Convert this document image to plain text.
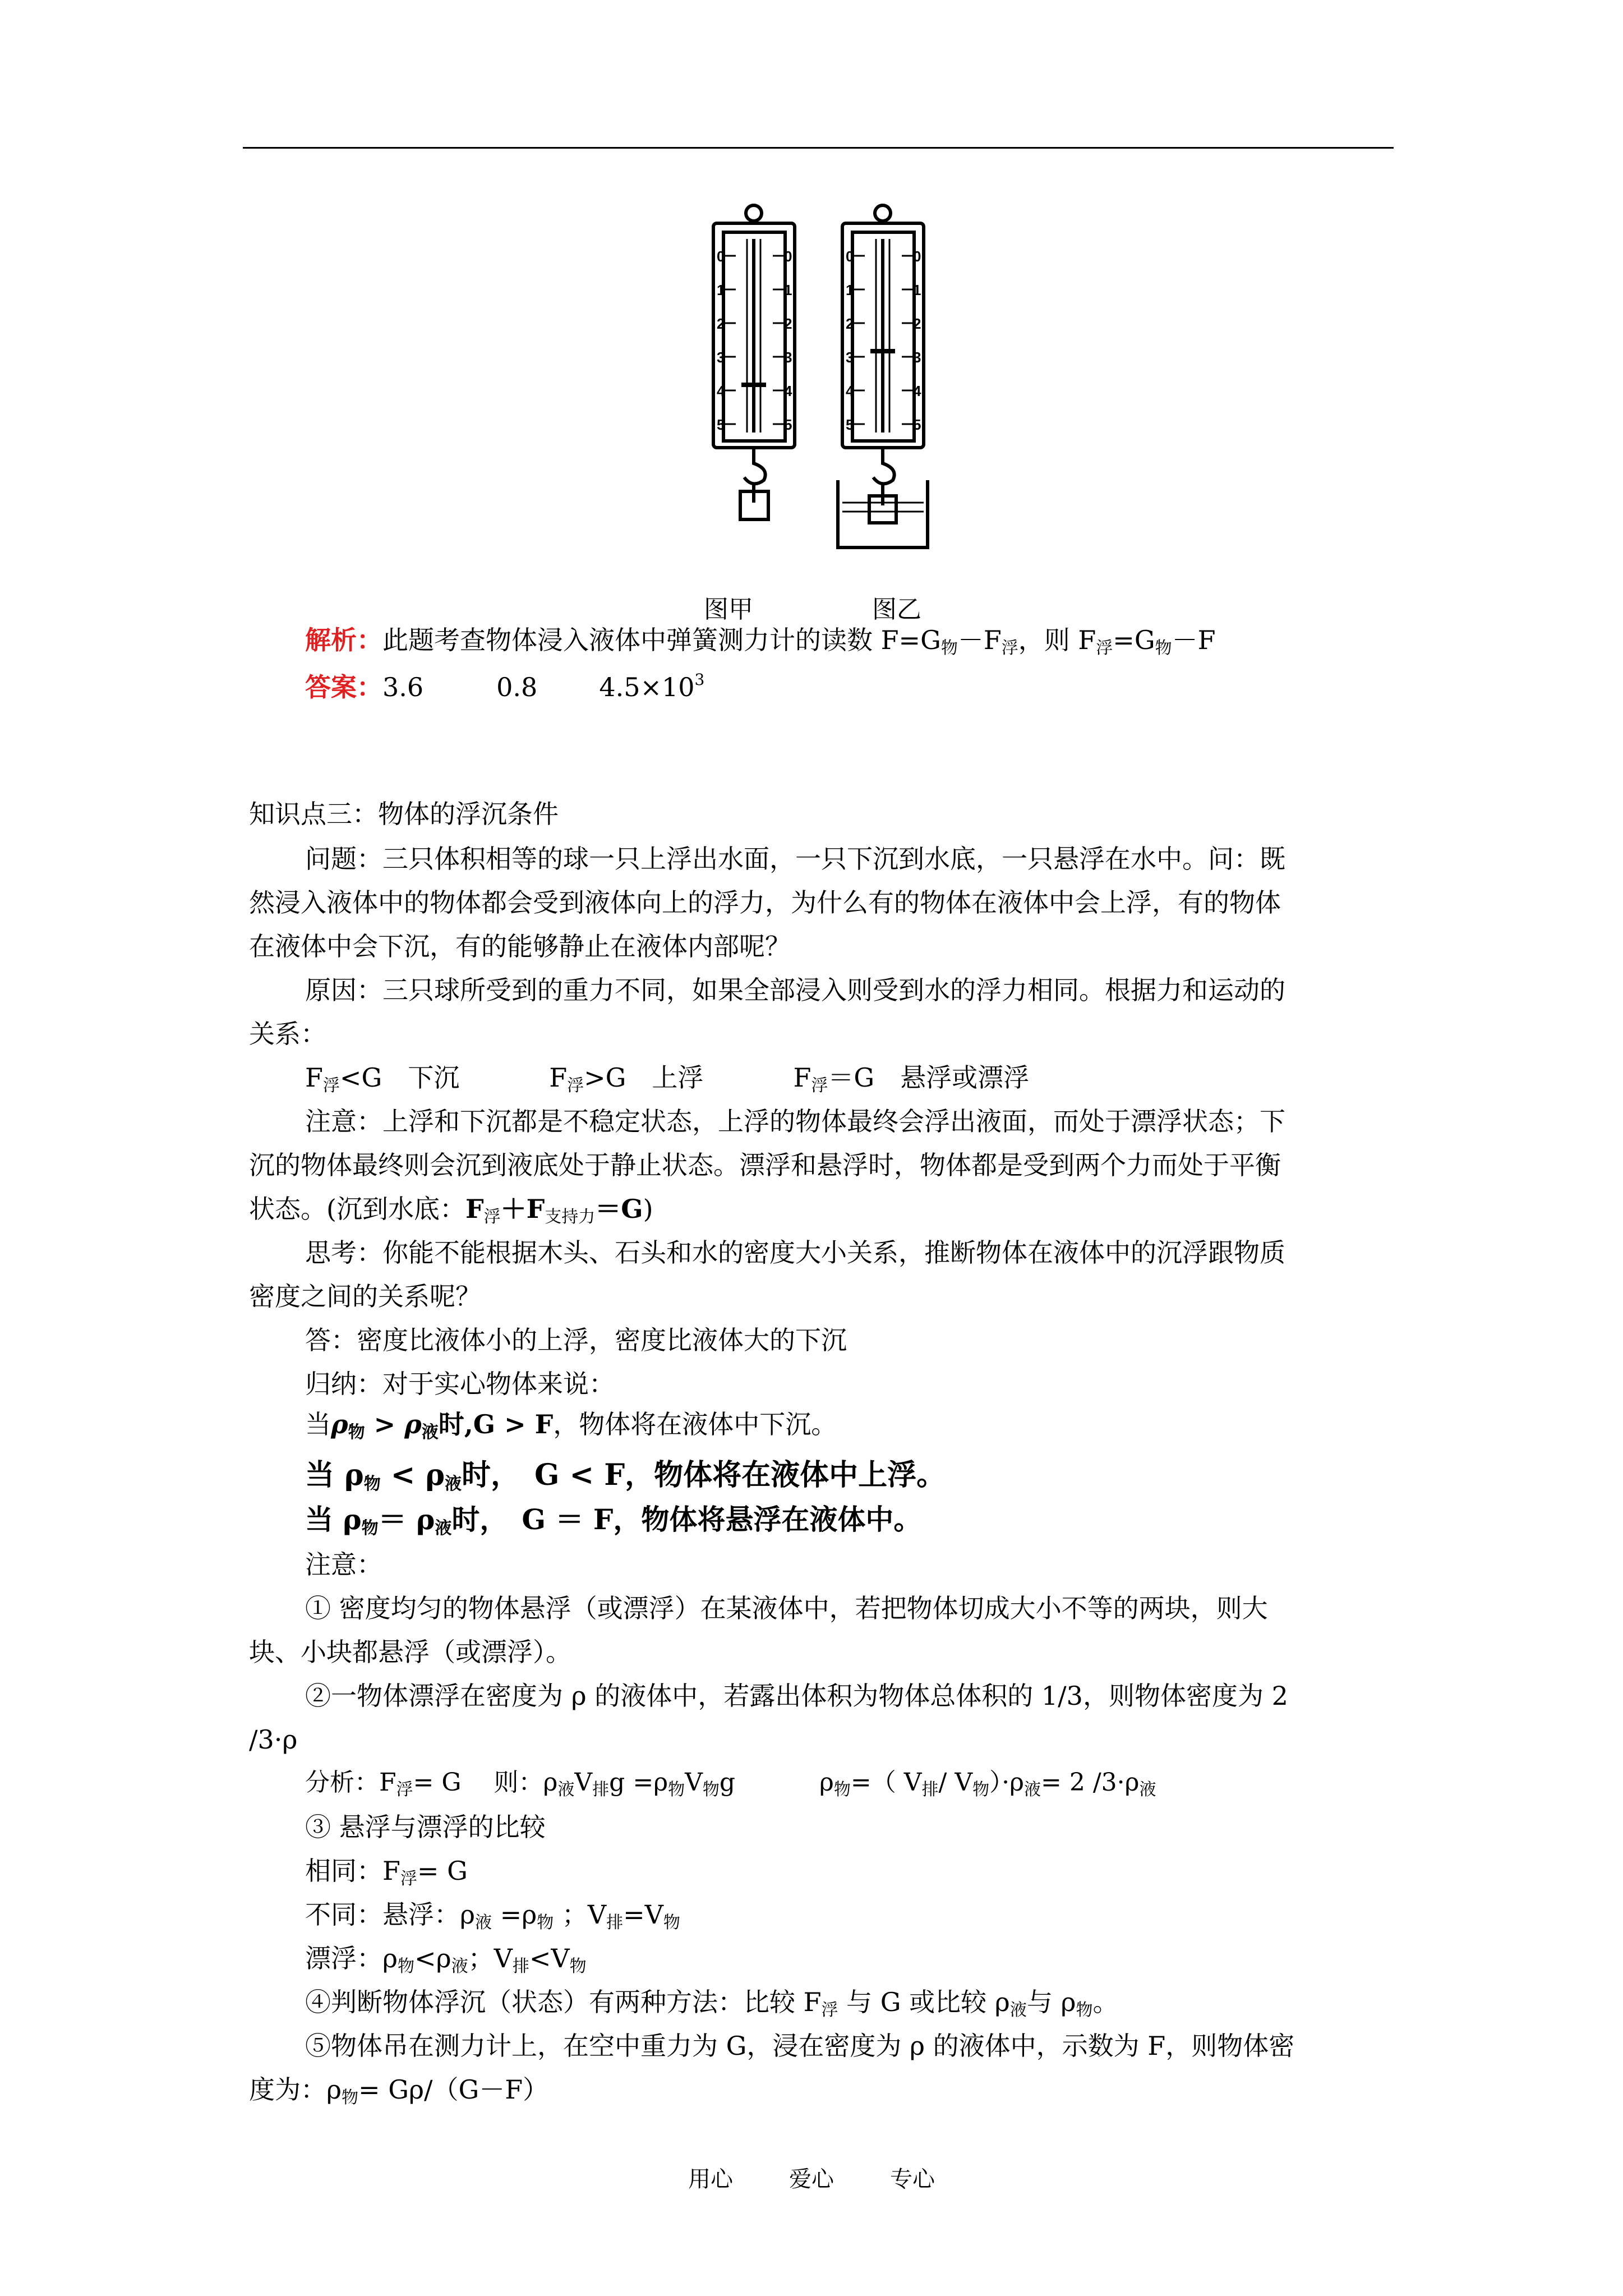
0
1
2
3
4
5
0
1
2
3
4
5
0
1
2
3
4
5
0
1
2
3
4
5
图甲	图乙
解析：此题考查物体浸入液体中弹簧测力计的读数 $F=G_物-F_浮$，则 $F_浮=G_物-F$
答案：3.6	0.8 $4.5\times 10^3$
知识点三：物体的浮沉条件
问题：三只体积相等的球一只上浮出水面，一只下沉到水底，一只悬浮在水中。问：既
然浸入液体中的物体都会受到液体向上的浮力，为什么有的物体在液体中会上浮，有的物体
在液体中会下沉，有的能够静止在液体内部呢？
原因：三只球所受到的重力不同，如果全部浸入则受到水的浮力相同。根据力和运动的
关系：
$F_浮<G$　下沉	$F_浮>G$　上浮	$F_浮=G$　悬浮或漂浮
注意：上浮和下沉都是不稳定状态，上浮的物体最终会浮出液面，而处于漂浮状态；下
沉的物体最终则会沉到液底处于静止状态。漂浮和悬浮时，物体都是受到两个力而处于平衡
状态。(沉到水底：$F_浮+F_{支持力}=G$)
思考：你能不能根据木头、石头和水的密度大小关系，推断物体在液体中的沉浮跟物质
密度之间的关系呢？
答：密度比液体小的上浮，密度比液体大的下沉
归纳：对于实心物体来说：
当$\rho_物 > \rho_液$时,G > F，物体将在液体中下沉。
当 $\rho_物 < \rho_液$时，　G < F，物体将在液体中上浮。
当 $\rho_物= \rho_液$时，　G ＝ F，物体将悬浮在液体中。
注意：
① 密度均匀的物体悬浮（或漂浮）在某液体中，若把物体切成大小不等的两块，则大
块、小块都悬浮（或漂浮）。
②一物体漂浮在密度为 ρ 的液体中，若露出体积为物体总体积的 1/3，则物体密度为 2
/3·ρ
分析：$F_浮= G$　 则：$\rho_液V_排g =\rho_物V_物g$	$\rho_物=$（ $V_排/$ $V_物)\cdot\rho_液= 2$ $/3\cdot\rho_液$
③ 悬浮与漂浮的比较
相同：$F_浮= G$
不同：悬浮：$\rho_液 =\rho_物$ ；$V_排=V_物$
漂浮：$\rho_物<\rho_液$；$V_排<V_物$
④判断物体浮沉（状态）有两种方法：比较 $F_浮$ 与 G 或比较 $\rho_液$与 $\rho_物$。
⑤物体吊在测力计上，在空中重力为 G，浸在密度为 ρ 的液体中，示数为 F，则物体密
度为：$\rho_物= G\rho/(G-F)$
用心	爱心	专心
